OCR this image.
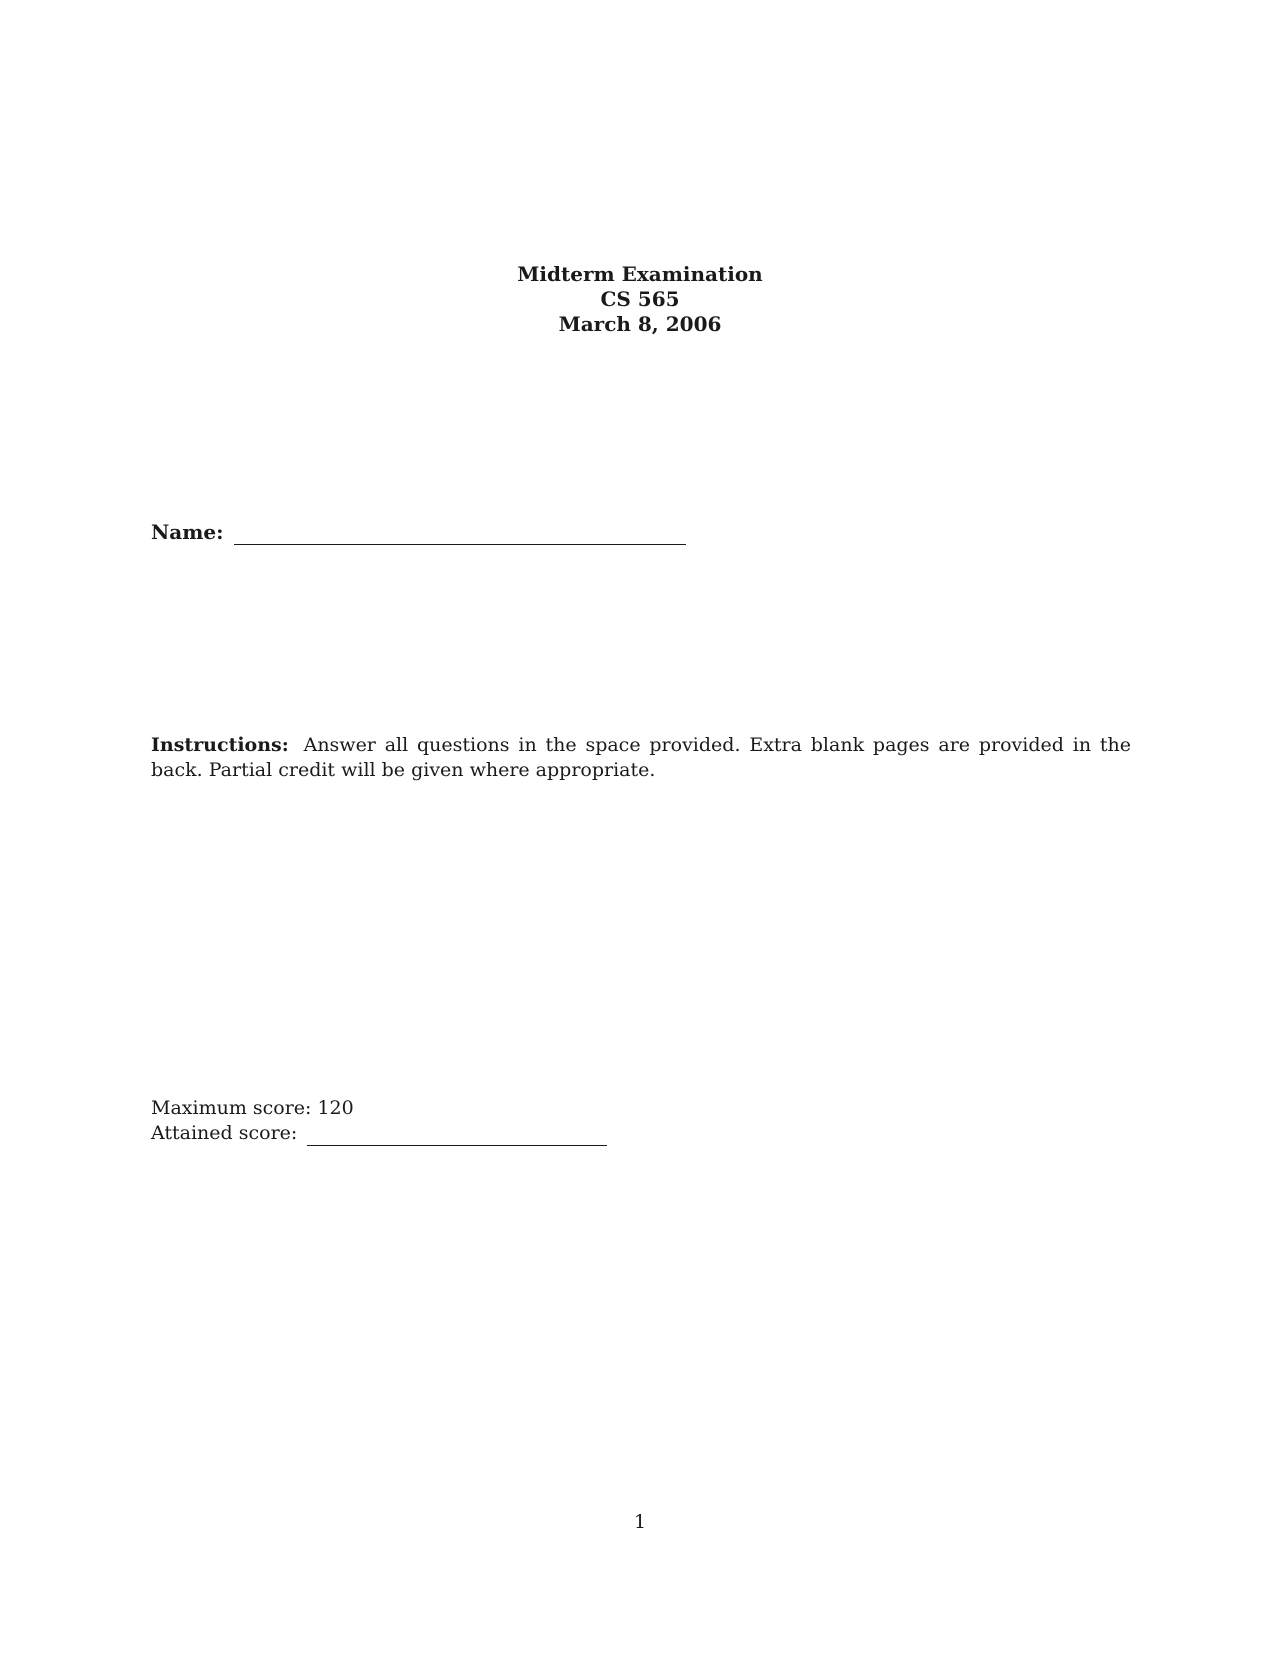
Midterm Examination
CS 565
March 8, 2006
Name:
Instructions: Answer all questions in the space provided. Extra blank pages are provided in the back. Partial credit will be given where appropriate.
Maximum score: 120
Attained score:
1
